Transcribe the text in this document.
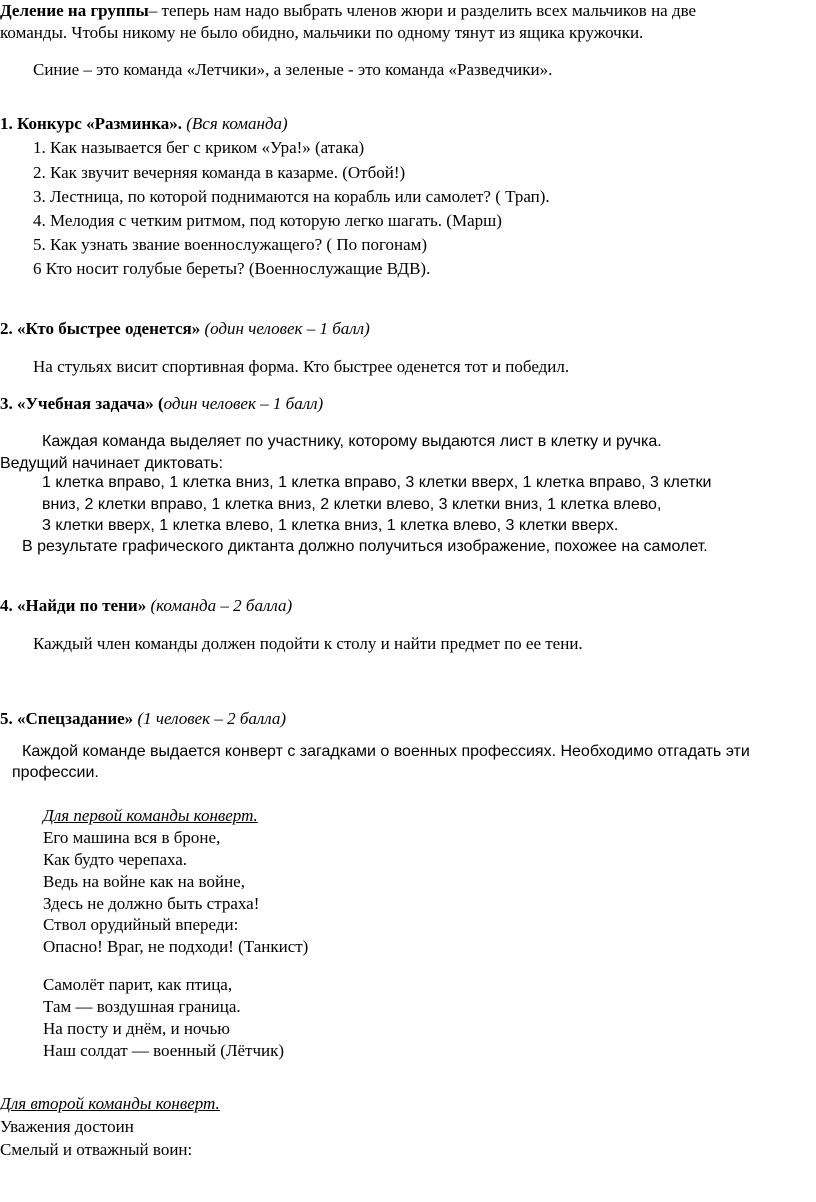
Деление на группы– теперь нам надо выбрать членов жюри и разделить всех мальчиков на две
команды. Чтобы никому не было обидно, мальчики по одному тянут из ящика кружочки.
Синие – это команда «Летчики», а зеленые - это команда «Разведчики».
1. Конкурс «Разминка». (Вся команда)
1. Как называется бег с криком «Ура!» (атака)
2. Как звучит вечерняя команда в казарме. (Отбой!)
3. Лестница, по которой поднимаются на корабль или самолет? ( Трап).
4. Мелодия с четким ритмом, под которую легко шагать. (Марш)
5. Как узнать звание военнослужащего? ( По погонам)
6 Кто носит голубые береты? (Военнослужащие ВДВ).
2. «Кто быстрее оденется» (один человек – 1 балл)
На стульях висит спортивная форма. Кто быстрее оденется тот и победил.
3. «Учебная задача» (один человек – 1 балл)
Каждая команда выделяет по участнику, которому выдаются лист в клетку и ручка.
Ведущий начинает диктовать:
1 клетка вправо, 1 клетка вниз, 1 клетка вправо, 3 клетки вверх, 1 клетка вправо, 3 клетки
вниз, 2 клетки вправо, 1 клетка вниз, 2 клетки влево, 3 клетки вниз, 1 клетка влево,
3 клетки вверх, 1 клетка влево, 1 клетка вниз, 1 клетка влево, 3 клетки вверх.
В результате графического диктанта должно получиться изображение, похожее на самолет.
4. «Найди по тени» (команда – 2 балла)
Каждый член команды должен подойти к столу и найти предмет по ее тени.
5. «Спецзадание» (1 человек – 2 балла)
Каждой команде выдается конверт с загадками о военных профессиях. Необходимо отгадать эти
профессии.
Для первой команды конверт.
Его машина вся в броне,
Как будто черепаха.
Ведь на войне как на войне,
Здесь не должно быть страха!
Ствол орудийный впереди:
Опасно! Враг, не подходи! (Танкист)
Самолёт парит, как птица,
Там — воздушная граница.
На посту и днём, и ночью
Наш солдат — военный (Лётчик)
Для второй команды конверт.
Уважения достоин
Смелый и отважный воин:
